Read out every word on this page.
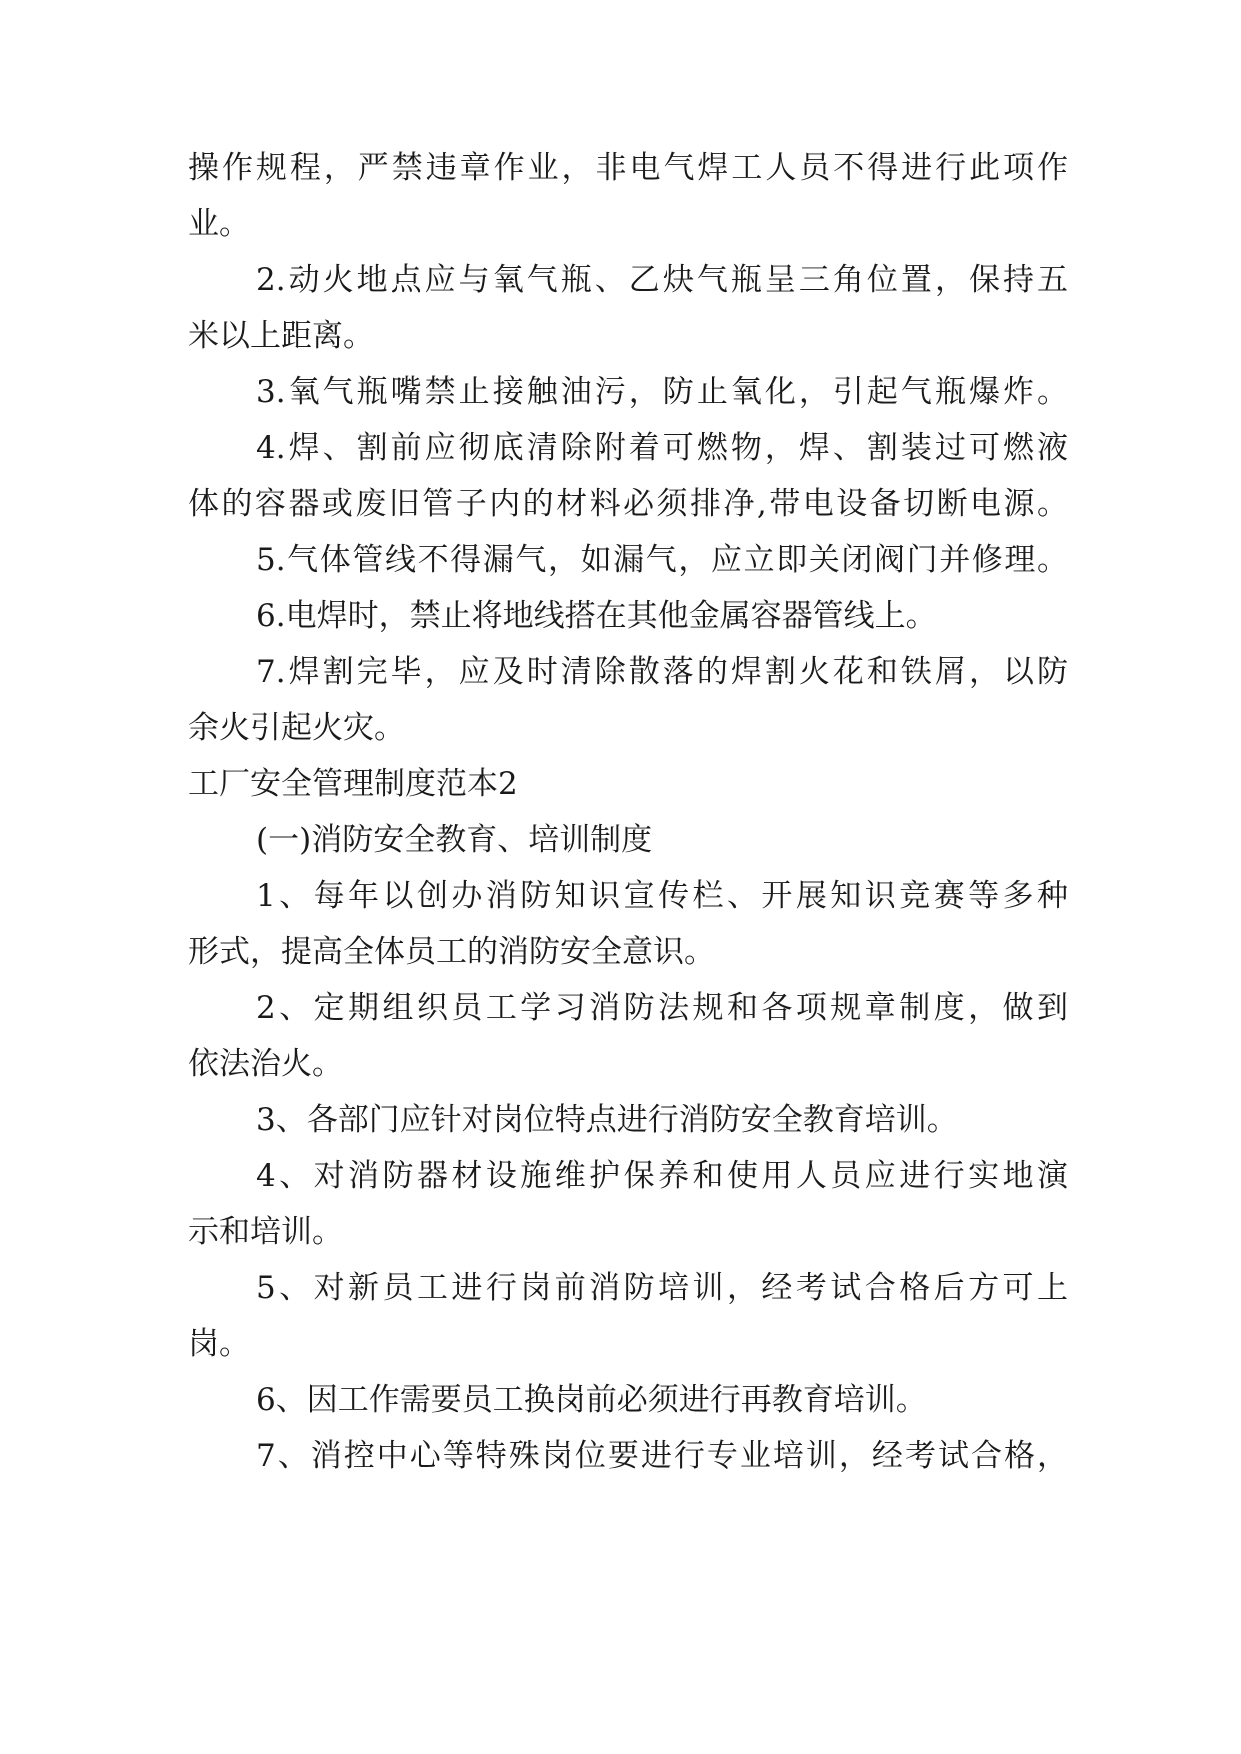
操作规程，严禁违章作业，非电气焊工人员不得进行此项作
业。
2.动火地点应与氧气瓶、乙炔气瓶呈三角位置，保持五
米以上距离。
3.氧气瓶嘴禁止接触油污，防止氧化，引起气瓶爆炸。
4.焊、割前应彻底清除附着可燃物，焊、割装过可燃液
体的容器或废旧管子内的材料必须排净,带电设备切断电源。
5.气体管线不得漏气，如漏气，应立即关闭阀门并修理。
6.电焊时，禁止将地线搭在其他金属容器管线上。
7.焊割完毕，应及时清除散落的焊割火花和铁屑，以防
余火引起火灾。
工厂安全管理制度范本2
(一)消防安全教育、培训制度
1、每年以创办消防知识宣传栏、开展知识竞赛等多种
形式，提高全体员工的消防安全意识。
2、定期组织员工学习消防法规和各项规章制度，做到
依法治火。
3、各部门应针对岗位特点进行消防安全教育培训。
4、对消防器材设施维护保养和使用人员应进行实地演
示和培训。
5、对新员工进行岗前消防培训，经考试合格后方可上
岗。
6、因工作需要员工换岗前必须进行再教育培训。
7、消控中心等特殊岗位要进行专业培训，经考试合格，
